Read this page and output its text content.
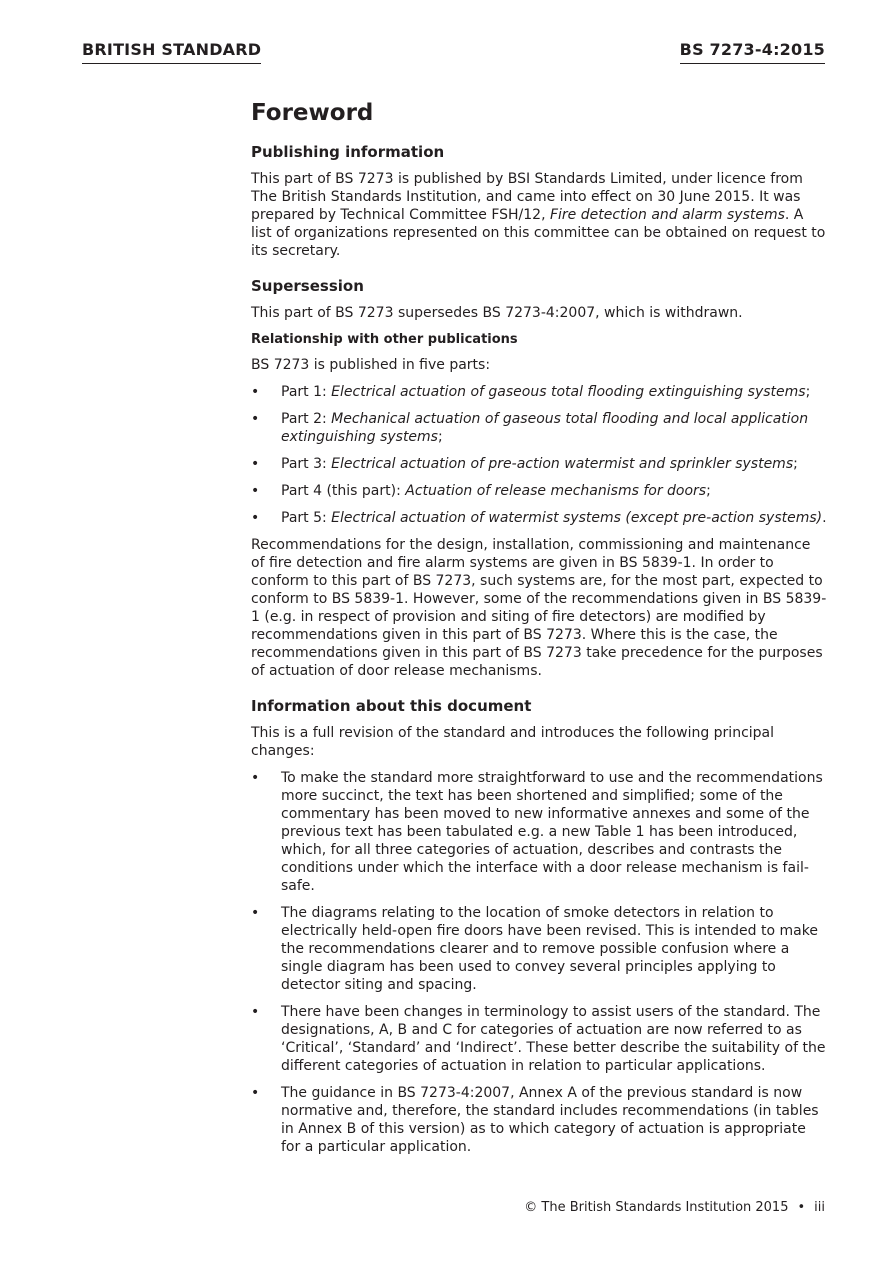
BRITISH STANDARD	BS 7273-4:2015
Foreword
Publishing information

This part of BS 7273 is published by BSI Standards Limited, under licence from The British Standards Institution, and came into effect on 30 June 2015. It was prepared by Technical Committee FSH/12, Fire detection and alarm systems. A list of organizations represented on this committee can be obtained on request to its secretary.

Supersession

This part of BS 7273 supersedes BS 7273-4:2007, which is withdrawn.

Relationship with other publications

BS 7273 is published in five parts:

• Part 1: Electrical actuation of gaseous total flooding extinguishing systems;
• Part 2: Mechanical actuation of gaseous total flooding and local application extinguishing systems;
• Part 3: Electrical actuation of pre-action watermist and sprinkler systems;
• Part 4 (this part): Actuation of release mechanisms for doors;
• Part 5: Electrical actuation of watermist systems (except pre-action systems).

Recommendations for the design, installation, commissioning and maintenance of fire detection and fire alarm systems are given in BS 5839-1. In order to conform to this part of BS 7273, such systems are, for the most part, expected to conform to BS 5839-1. However, some of the recommendations given in BS 5839-1 (e.g. in respect of provision and siting of fire detectors) are modified by recommendations given in this part of BS 7273. Where this is the case, the recommendations given in this part of BS 7273 take precedence for the purposes of actuation of door release mechanisms.

Information about this document

This is a full revision of the standard and introduces the following principal changes:

• To make the standard more straightforward to use and the recommendations more succinct, the text has been shortened and simplified; some of the commentary has been moved to new informative annexes and some of the previous text has been tabulated e.g. a new Table 1 has been introduced, which, for all three categories of actuation, describes and contrasts the conditions under which the interface with a door release mechanism is fail-safe.
• The diagrams relating to the location of smoke detectors in relation to electrically held-open fire doors have been revised. This is intended to make the recommendations clearer and to remove possible confusion where a single diagram has been used to convey several principles applying to detector siting and spacing.
• There have been changes in terminology to assist users of the standard. The designations, A, B and C for categories of actuation are now referred to as ‘Critical’, ‘Standard’ and ‘Indirect’. These better describe the suitability of the different categories of actuation in relation to particular applications.
• The guidance in BS 7273-4:2007, Annex A of the previous standard is now normative and, therefore, the standard includes recommendations (in tables in Annex B of this version) as to which category of actuation is appropriate for a particular application.
© The British Standards Institution 2015 • iii
